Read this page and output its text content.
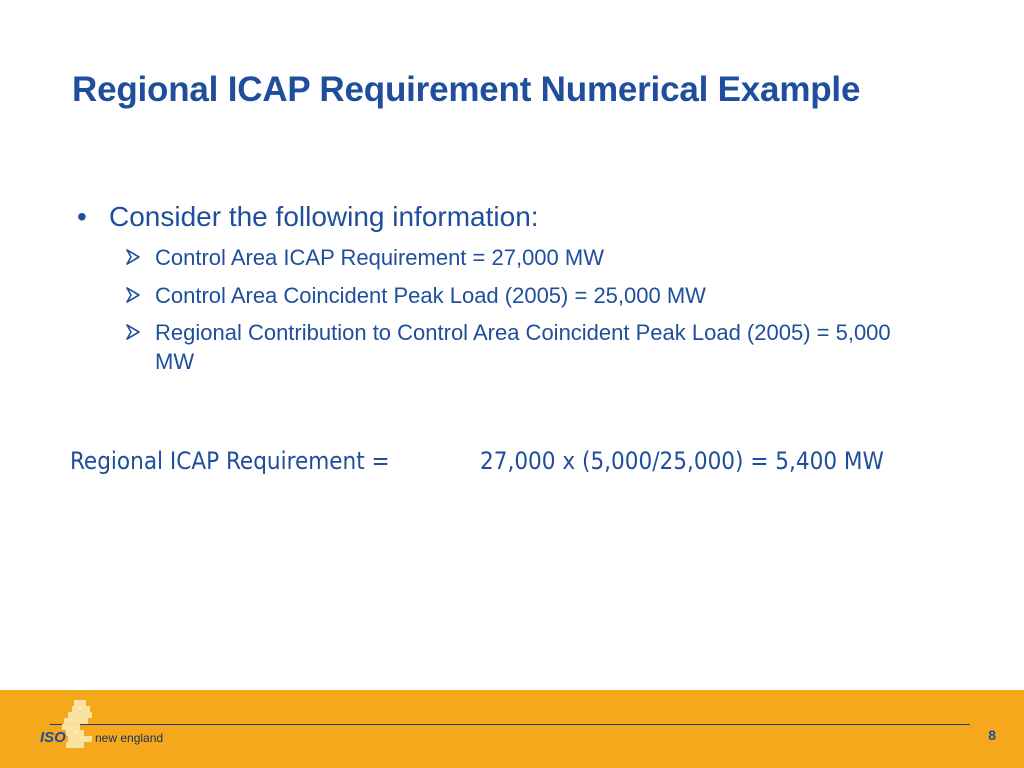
Regional ICAP Requirement Numerical Example
• Consider the following information:
Control Area ICAP Requirement = 27,000 MW
Control Area Coincident Peak Load (2005) = 25,000 MW
Regional Contribution to Control Area Coincident Peak Load (2005) = 5,000 MW
Regional ICAP Requirement =	27,000 x (5,000/25,000) = 5,400 MW
ISO new england	8
